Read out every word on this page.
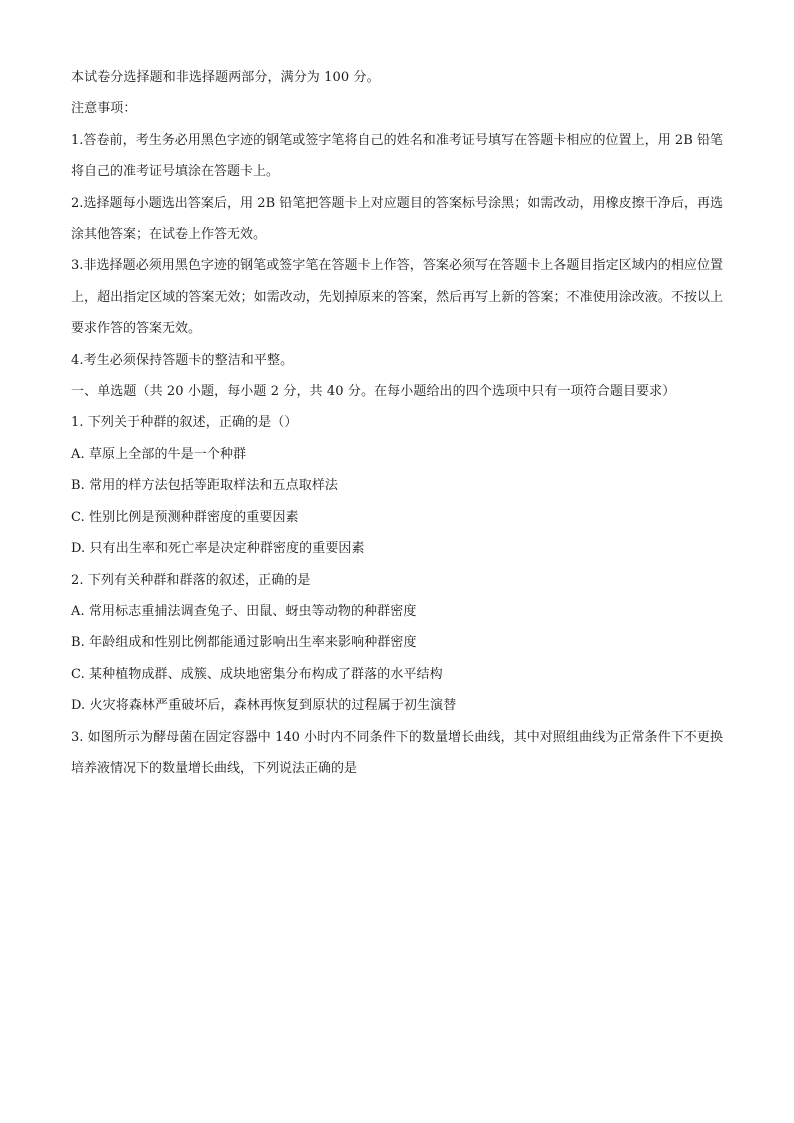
本试卷分选择题和非选择题两部分，满分为 100 分。
注意事项：
1.答卷前，考生务必用黑色字迹的钢笔或签字笔将自己的姓名和准考证号填写在答题卡相应的位置上，用 2B 铅笔将自己的准考证号填涂在答题卡上。
2.选择题每小题选出答案后，用 2B 铅笔把答题卡上对应题目的答案标号涂黑；如需改动，用橡皮擦干净后，再选涂其他答案；在试卷上作答无效。
3.非选择题必须用黑色字迹的钢笔或签字笔在答题卡上作答，答案必须写在答题卡上各题目指定区域内的相应位置上，超出指定区域的答案无效；如需改动，先划掉原来的答案，然后再写上新的答案；不准使用涂改液。不按以上要求作答的答案无效。
4.考生必须保持答题卡的整洁和平整。
一、单选题（共 20 小题，每小题 2 分，共 40 分。在每小题给出的四个选项中只有一项符合题目要求）
1. 下列关于种群的叙述，正确的是（）
A. 草原上全部的牛是一个种群
B. 常用的样方法包括等距取样法和五点取样法
C. 性别比例是预测种群密度的重要因素
D. 只有出生率和死亡率是决定种群密度的重要因素
2. 下列有关种群和群落的叙述，正确的是
A. 常用标志重捕法调查兔子、田鼠、蚜虫等动物的种群密度
B. 年龄组成和性别比例都能通过影响出生率来影响种群密度
C. 某种植物成群、成簇、成块地密集分布构成了群落的水平结构
D. 火灾将森林严重破坏后，森林再恢复到原状的过程属于初生演替
3. 如图所示为酵母菌在固定容器中 140 小时内不同条件下的数量增长曲线，其中对照组曲线为正常条件下不更换培养液情况下的数量增长曲线，下列说法正确的是
